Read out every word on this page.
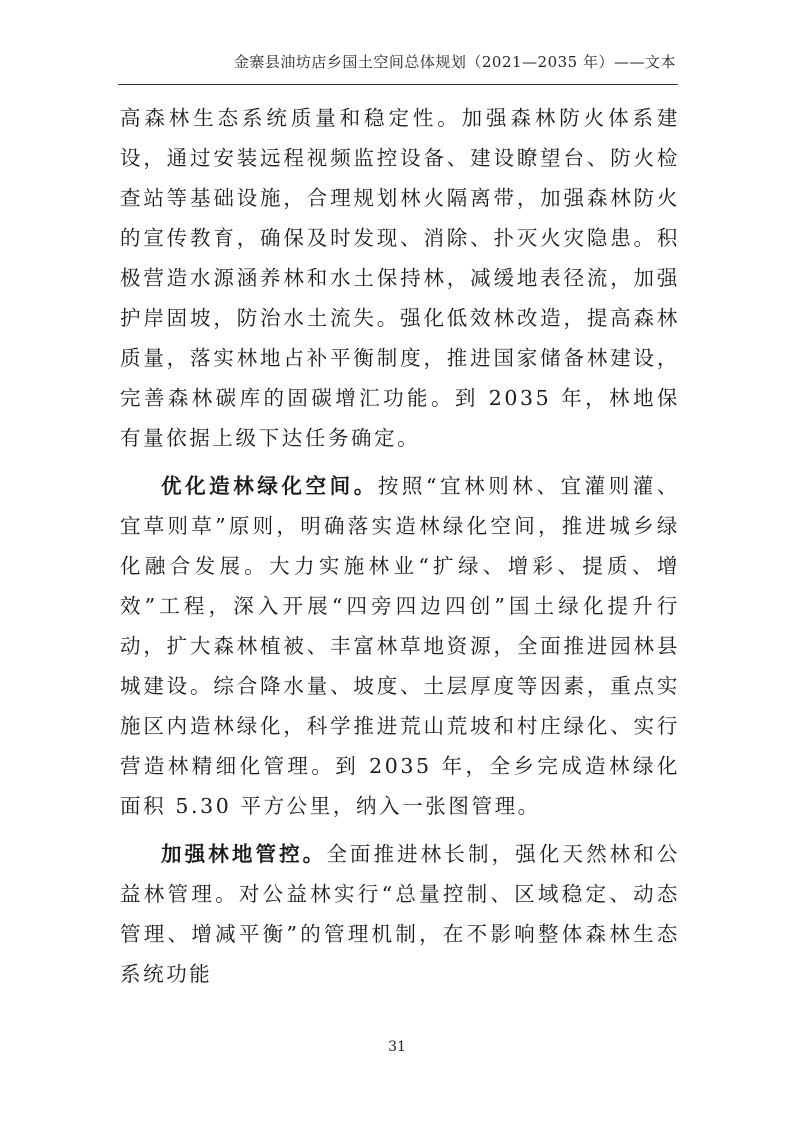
金寨县油坊店乡国土空间总体规划（2021—2035 年）——文本

高森林生态系统质量和稳定性。加强森林防火体系建设，通过安装远程视频监控设备、建设瞭望台、防火检查站等基础设施，合理规划林火隔离带，加强森林防火的宣传教育，确保及时发现、消除、扑灭火灾隐患。积极营造水源涵养林和水土保持林，减缓地表径流，加强护岸固坡，防治水土流失。强化低效林改造，提高森林质量，落实林地占补平衡制度，推进国家储备林建设，完善森林碳库的固碳增汇功能。到 2035 年，林地保有量依据上级下达任务确定。

优化造林绿化空间。按照“宜林则林、宜灌则灌、宜草则草”原则，明确落实造林绿化空间，推进城乡绿化融合发展。大力实施林业“扩绿、增彩、提质、增效”工程，深入开展“四旁四边四创”国土绿化提升行动，扩大森林植被、丰富林草地资源，全面推进园林县城建设。综合降水量、坡度、土层厚度等因素，重点实施区内造林绿化，科学推进荒山荒坡和村庄绿化、实行营造林精细化管理。到 2035 年，全乡完成造林绿化面积 5.30 平方公里，纳入一张图管理。

加强林地管控。全面推进林长制，强化天然林和公益林管理。对公益林实行“总量控制、区域稳定、动态管理、增减平衡”的管理机制，在不影响整体森林生态系统功能

31
